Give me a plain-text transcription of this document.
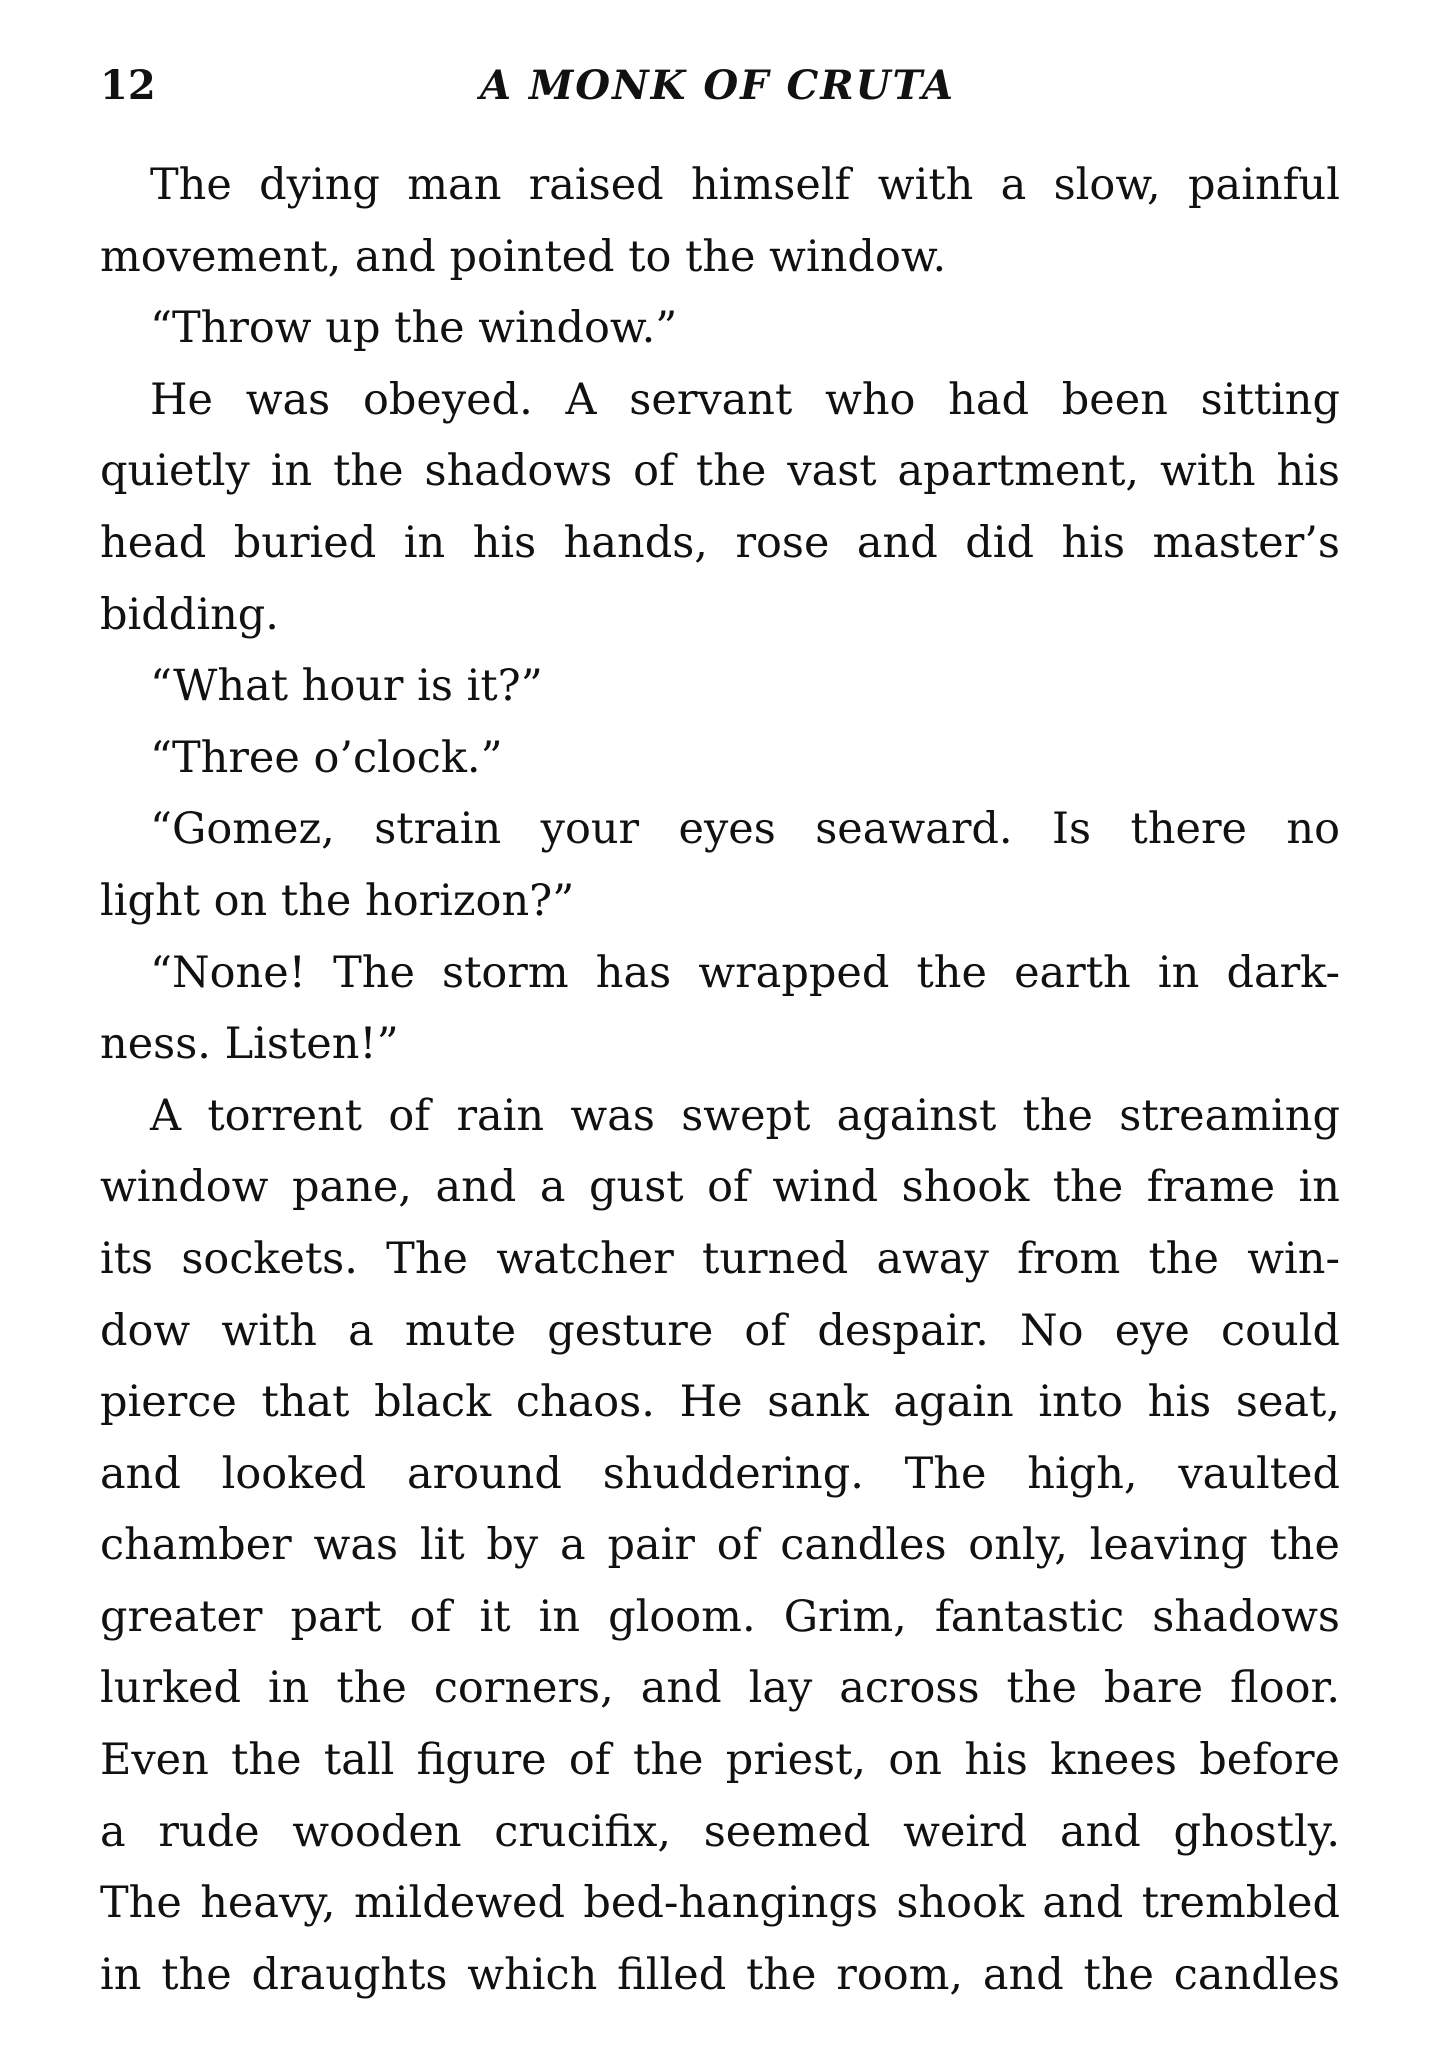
12	A MONK OF CRUTA
The dying man raised himself with a slow, painful
movement, and pointed to the window.
“Throw up the window.”
He was obeyed. A servant who had been sitting
quietly in the shadows of the vast apartment, with his
head buried in his hands, rose and did his master’s
bidding.
“What hour is it?”
“Three o’clock.”
“Gomez, strain your eyes seaward. Is there no
light on the horizon?”
“None! The storm has wrapped the earth in dark-
ness. Listen!”
A torrent of rain was swept against the streaming
window pane, and a gust of wind shook the frame in
its sockets. The watcher turned away from the win-
dow with a mute gesture of despair. No eye could
pierce that black chaos. He sank again into his seat,
and looked around shuddering. The high, vaulted
chamber was lit by a pair of candles only, leaving the
greater part of it in gloom. Grim, fantastic shadows
lurked in the corners, and lay across the bare floor.
Even the tall figure of the priest, on his knees before
a rude wooden crucifix, seemed weird and ghostly.
The heavy, mildewed bed-hangings shook and trembled
in the draughts which filled the room, and the candles
